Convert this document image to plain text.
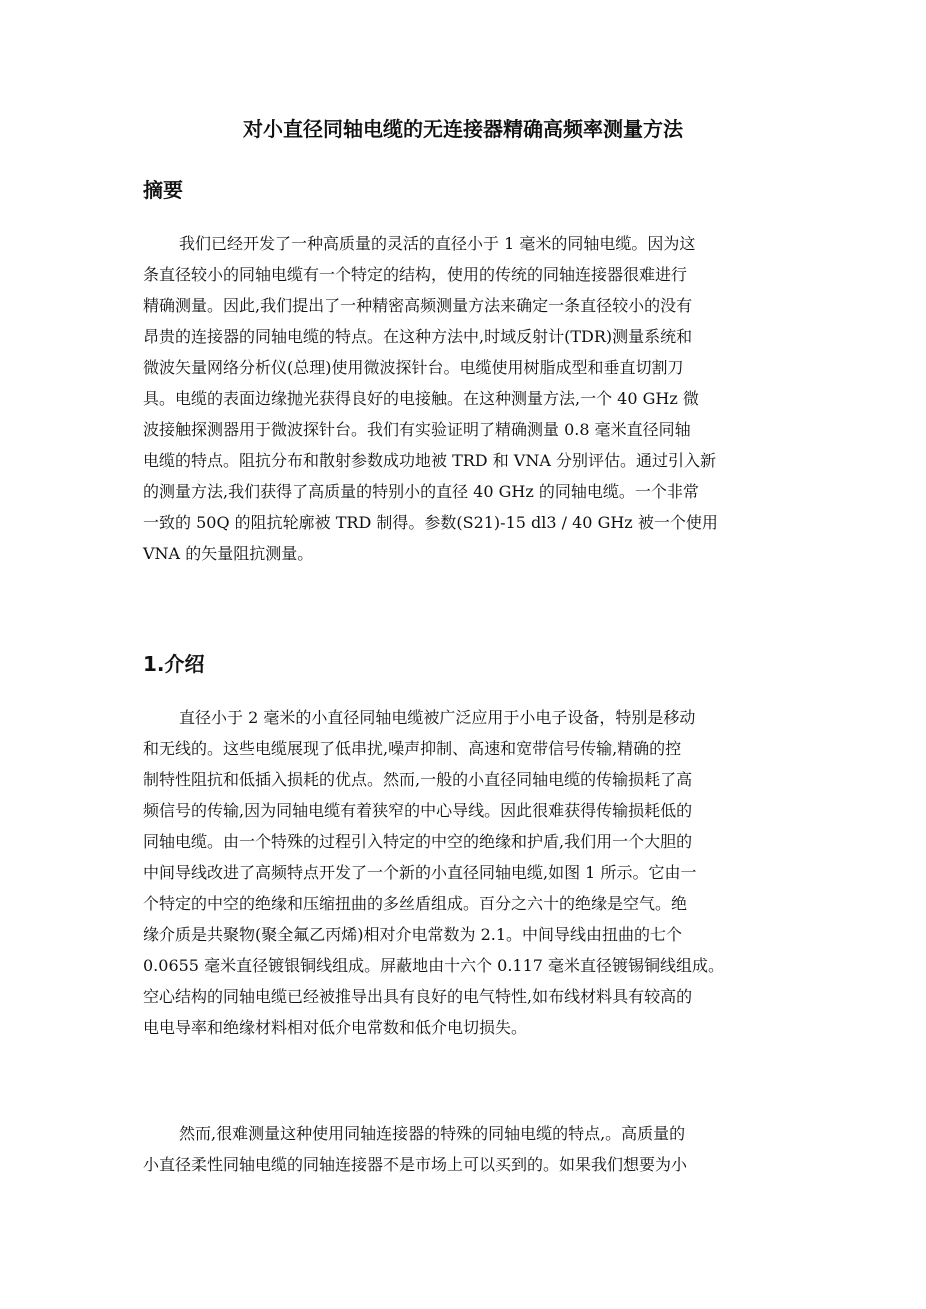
对小直径同轴电缆的无连接器精确高频率测量方法
摘要
我们已经开发了一种高质量的灵活的直径小于 1 毫米的同轴电缆。因为这
条直径较小的同轴电缆有一个特定的结构，使用的传统的同轴连接器很难进行
精确测量。因此,我们提出了一种精密高频测量方法来确定一条直径较小的没有
昂贵的连接器的同轴电缆的特点。在这种方法中,时域反射计(TDR)测量系统和
微波矢量网络分析仪(总理)使用微波探针台。电缆使用树脂成型和垂直切割刀
具。电缆的表面边缘抛光获得良好的电接触。在这种测量方法,一个 40 GHz 微
波接触探测器用于微波探针台。我们有实验证明了精确测量 0.8 毫米直径同轴
电缆的特点。阻抗分布和散射参数成功地被 TRD 和 VNA 分别评估。通过引入新
的测量方法,我们获得了高质量的特别小的直径 40 GHz 的同轴电缆。一个非常
一致的 50Q 的阻抗轮廓被 TRD 制得。参数(S21)-15 dl3 / 40 GHz 被一个使用
VNA 的矢量阻抗测量。
1.介绍
直径小于 2 毫米的小直径同轴电缆被广泛应用于小电子设备，特别是移动
和无线的。这些电缆展现了低串扰,噪声抑制、高速和宽带信号传输,精确的控
制特性阻抗和低插入损耗的优点。然而,一般的小直径同轴电缆的传输损耗了高
频信号的传输,因为同轴电缆有着狭窄的中心导线。因此很难获得传输损耗低的
同轴电缆。由一个特殊的过程引入特定的中空的绝缘和护盾,我们用一个大胆的
中间导线改进了高频特点开发了一个新的小直径同轴电缆,如图 1 所示。它由一
个特定的中空的绝缘和压缩扭曲的多丝盾组成。百分之六十的绝缘是空气。绝
缘介质是共聚物(聚全氟乙丙烯)相对介电常数为 2.1。中间导线由扭曲的七个
0.0655 毫米直径镀银铜线组成。屏蔽地由十六个 0.117 毫米直径镀锡铜线组成。
空心结构的同轴电缆已经被推导出具有良好的电气特性,如布线材料具有较高的
电电导率和绝缘材料相对低介电常数和低介电切损失。
然而,很难测量这种使用同轴连接器的特殊的同轴电缆的特点,。高质量的
小直径柔性同轴电缆的同轴连接器不是市场上可以买到的。如果我们想要为小
